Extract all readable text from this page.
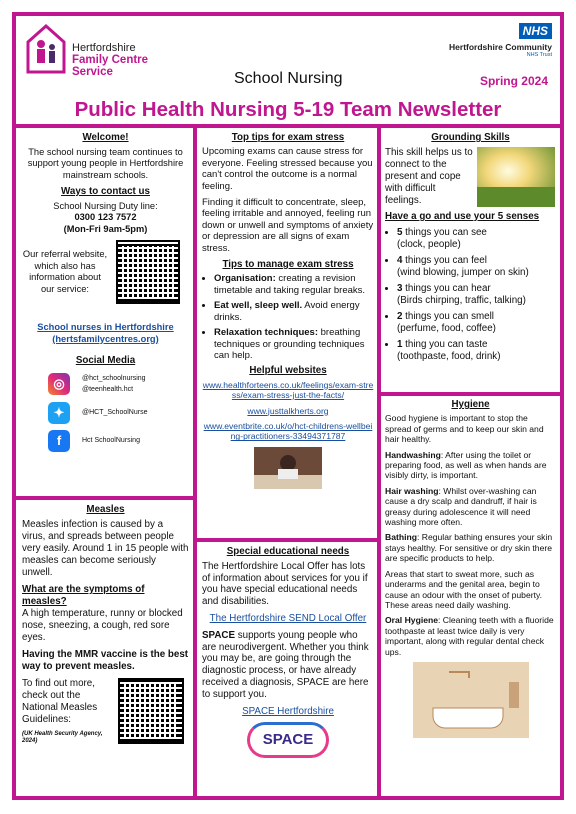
Hertfordshire
Family Centre
Service
NHS
Hertfordshire Community
NHS Trust
School Nursing	Spring 2024
Public Health Nursing 5-19 Team Newsletter
Welcome!

The school nursing team continues to support young people in Hertfordshire mainstream schools.

Ways to contact us
School Nursing Duty line:
0300 123 7572

(Mon-Fri 9am-5pm)

Our referral website, which also has information about our service:
School nurses in Hertfordshire

(hertsfamilycentres.org)

Social Media
◎	@hct_schoolnursing
@teenhealth.hct
✦	@HCT_SchoolNurse
f	Hct SchoolNursing
Measles

Measles infection is caused by a virus, and spreads between people very easily. Around 1 in 15 people with measles can become seriously unwell.

What are the symptoms of measles?

A high temperature, runny or blocked nose, sneezing, a cough, red sore eyes.

Having the MMR vaccine is the best way to prevent measles.

To find out more, check out the National Measles Guidelines:

(UK Health Security Agency, 2024)
Top tips for exam stress

Upcoming exams can cause stress for everyone. Feeling stressed because you can't control the outcome is a normal feeling.

Finding it difficult to concentrate, sleep, feeling irritable and annoyed, feeling run down or unwell and symptoms of anxiety or depression are all signs of exam stress.

Tips to manage exam stress
• Organisation: creating a revision timetable and taking regular breaks.
• Eat well, sleep well. Avoid energy drinks.
• Relaxation techniques: breathing techniques or grounding techniques can help.
Helpful websites

www.healthforteens.co.uk/feelings/exam-stress/exam-stress-just-the-facts/

www.justtalkherts.org

www.eventbrite.co.uk/o/hct-childrens-wellbeing-practitioners-33494371787

Special educational needs

The Hertfordshire Local Offer has lots of information about services for you if you have special educational needs and disabilities.

The Hertfordshire SEND Local Offer

SPACE supports young people who are neurodivergent. Whether you think you may be, are going through the diagnostic process, or have already received a diagnosis, SPACE are here to support you.

SPACE Hertfordshire

SPACE
Grounding Skills
This skill helps us to connect to the present and cope with difficult feelings.
Have a go and use your 5 senses
• 5 things you can see
(clock, people)
• 4 things you can feel
(wind blowing, jumper on skin)
• 3 things you can hear
(Birds chirping, traffic, talking)
• 2 things you can smell
(perfume, food, coffee)
• 1 thing you can taste
(toothpaste, food, drink)
Hygiene

Good hygiene is important to stop the spread of germs and to keep our skin and hair healthy.

Handwashing: After using the toilet or preparing food, as well as when hands are visibly dirty, is important.

Hair washing: Whilst over-washing can cause a dry scalp and dandruff, if hair is greasy during adolescence it will need washing more often.

Bathing: Regular bathing ensures your skin stays healthy. For sensitive or dry skin there are specific products to help.

Areas that start to sweat more, such as underarms and the genital area, begin to cause an odour with the onset of puberty. These areas need daily washing.

Oral Hygiene: Cleaning teeth with a fluoride toothpaste at least twice daily is very important, along with regular dental check ups.
